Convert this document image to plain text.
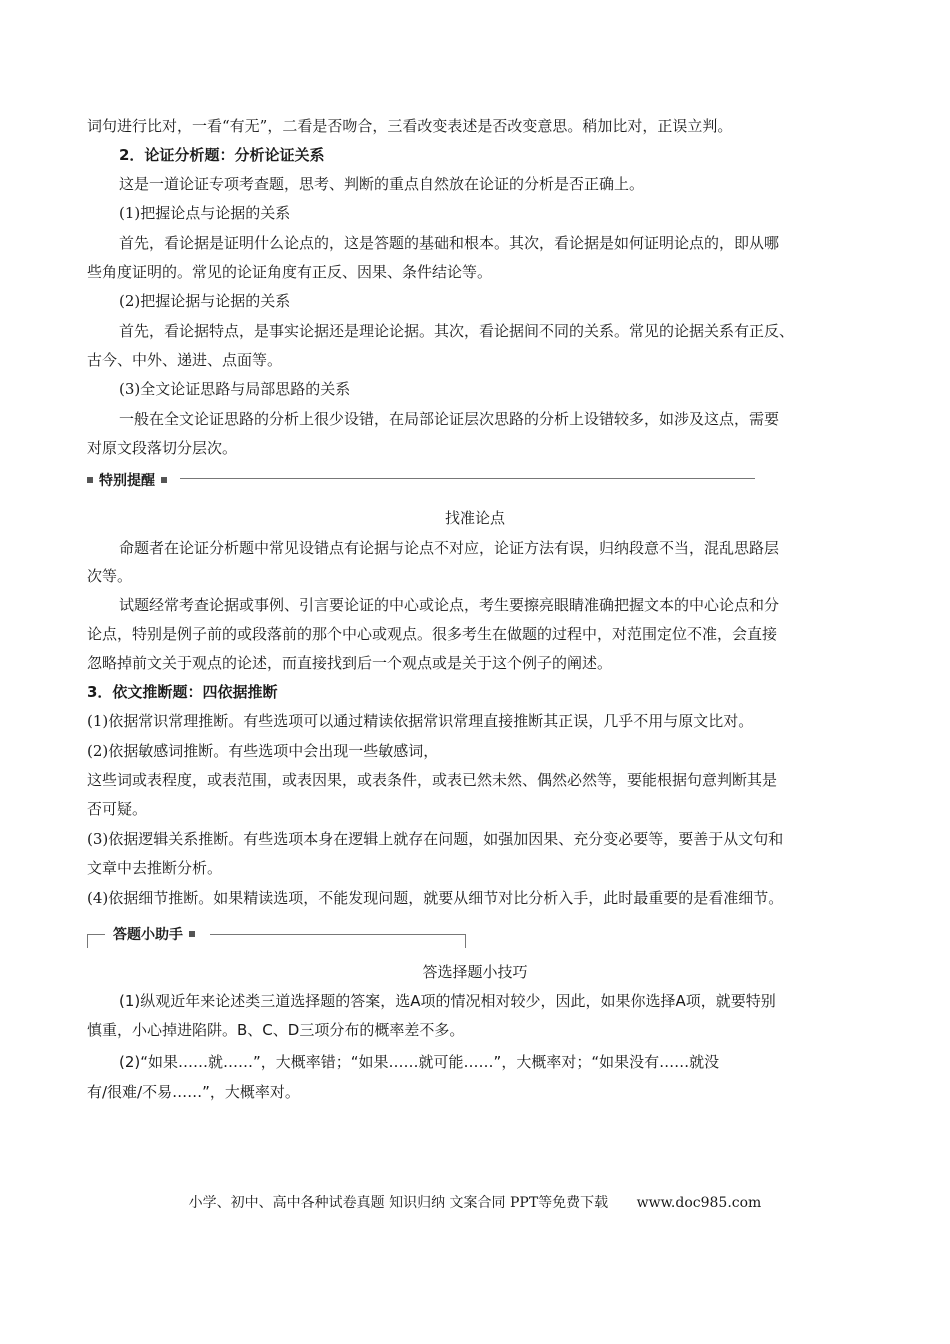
词句进行比对，一看“有无”，二看是否吻合，三看改变表述是否改变意思。稍加比对，正误立判。
2．论证分析题：分析论证关系
这是一道论证专项考查题，思考、判断的重点自然放在论证的分析是否正确上。
(1)把握论点与论据的关系
首先，看论据是证明什么论点的，这是答题的基础和根本。其次，看论据是如何证明论点的，即从哪
些角度证明的。常见的论证角度有正反、因果、条件结论等。
(2)把握论据与论据的关系
首先，看论据特点，是事实论据还是理论论据。其次，看论据间不同的关系。常见的论据关系有正反、
古今、中外、递进、点面等。
(3)全文论证思路与局部思路的关系
一般在全文论证思路的分析上很少设错，在局部论证层次思路的分析上设错较多，如涉及这点，需要
对原文段落切分层次。
特别提醒
找准论点
命题者在论证分析题中常见设错点有论据与论点不对应，论证方法有误，归纳段意不当，混乱思路层
次等。
试题经常考查论据或事例、引言要论证的中心或论点，考生要擦亮眼睛准确把握文本的中心论点和分
论点，特别是例子前的或段落前的那个中心或观点。很多考生在做题的过程中，对范围定位不准，会直接
忽略掉前文关于观点的论述，而直接找到后一个观点或是关于这个例子的阐述。
3．依文推断题：四依据推断
(1)依据常识常理推断。有些选项可以通过精读依据常识常理直接推断其正误，几乎不用与原文比对。
(2)依据敏感词推断。有些选项中会出现一些敏感词，
这些词或表程度，或表范围，或表因果，或表条件，或表已然未然、偶然必然等，要能根据句意判断其是
否可疑。
(3)依据逻辑关系推断。有些选项本身在逻辑上就存在问题，如强加因果、充分变必要等，要善于从文句和
文章中去推断分析。
(4)依据细节推断。如果精读选项，不能发现问题，就要从细节对比分析入手，此时最重要的是看准细节。
答题小助手
答选择题小技巧
(1)纵观近年来论述类三道选择题的答案，选A项的情况相对较少，因此，如果你选择A项，就要特别
慎重，小心掉进陷阱。B、C、D三项分布的概率差不多。
(2)“如果……就……”，大概率错；“如果……就可能……”，大概率对；“如果没有……就没
有/很难/不易……”，大概率对。
小学、初中、高中各种试卷真题 知识归纳 文案合同 PPT等免费下载 www.doc985.com
